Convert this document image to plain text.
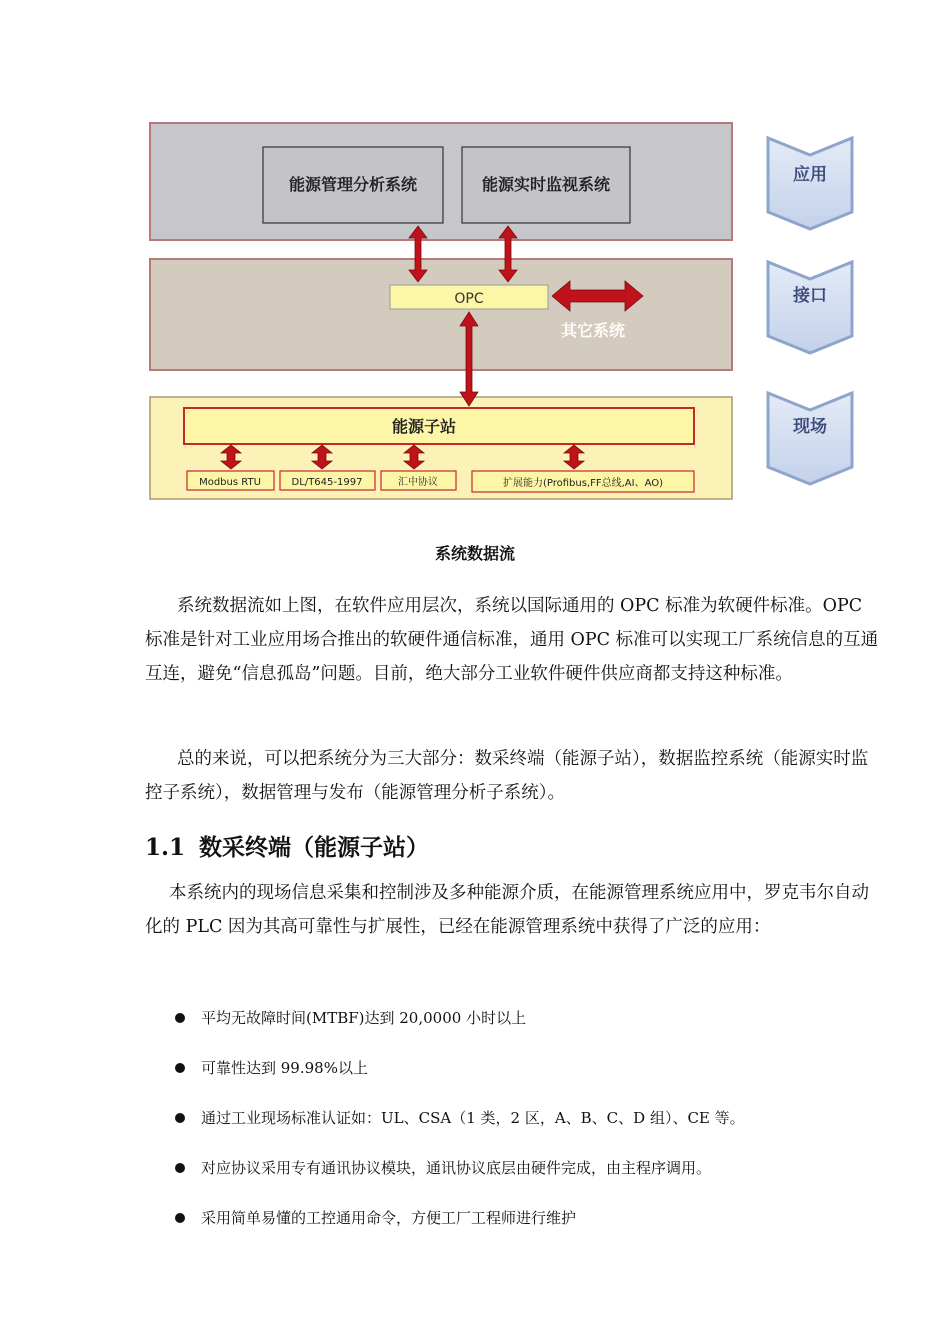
能源管理分析系统	能源实时监视系统
OPC
其它系统
能源子站
Modbus RTU	DL/T645-1997	汇中协议	扩展能力(Profibus,FF总线,AI、AO)
应用
接口
现场
系统数据流

系统数据流如上图，在软件应用层次，系统以国际通用的 OPC 标准为软硬件标准。OPC 标准是针对工业应用场合推出的软硬件通信标准，通用 OPC 标准可以实现工厂系统信息的互通互连，避免“信息孤岛”问题。目前，绝大部分工业软件硬件供应商都支持这种标准。

总的来说，可以把系统分为三大部分：数采终端（能源子站），数据监控系统（能源实时监控子系统），数据管理与发布（能源管理分析子系统）。

1.1 数采终端（能源子站）

本系统内的现场信息采集和控制涉及多种能源介质，在能源管理系统应用中，罗克韦尔自动化的 PLC 因为其高可靠性与扩展性，已经在能源管理系统中获得了广泛的应用：

平均无故障时间(MTBF)达到 20,0000 小时以上
可靠性达到 99.98%以上
通过工业现场标准认证如：UL、CSA（1 类，2 区，A、B、C、D 组）、CE 等。
对应协议采用专有通讯协议模块，通讯协议底层由硬件完成，由主程序调用。
采用简单易懂的工控通用命令，方便工厂工程师进行维护
